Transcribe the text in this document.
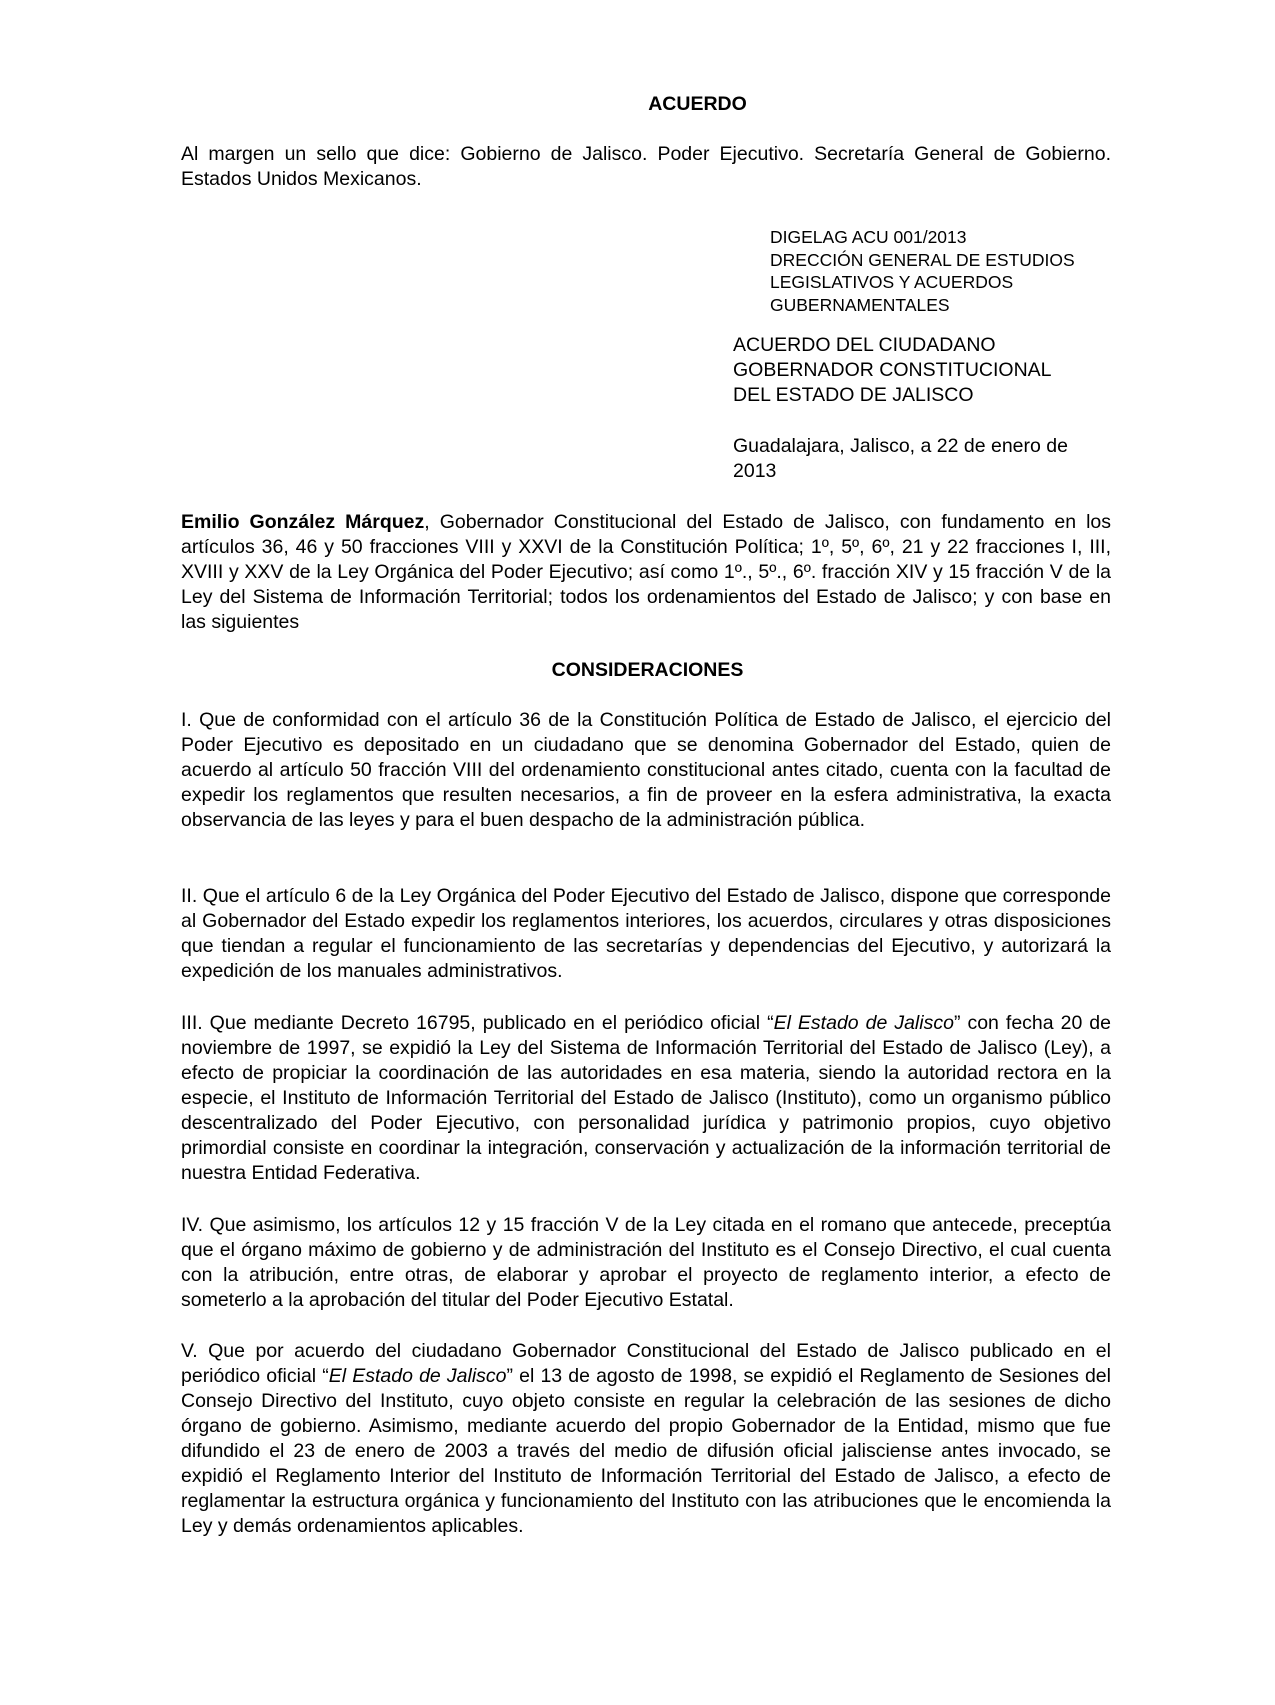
ACUERDO
Al margen un sello que dice: Gobierno de Jalisco. Poder Ejecutivo. Secretaría General de Gobierno. Estados Unidos Mexicanos.
DIGELAG ACU 001/2013
DRECCIÓN GENERAL DE ESTUDIOS
LEGISLATIVOS Y ACUERDOS
GUBERNAMENTALES
ACUERDO DEL CIUDADANO
GOBERNADOR CONSTITUCIONAL
DEL ESTADO DE JALISCO
Guadalajara, Jalisco, a 22 de enero de 2013
Emilio González Márquez, Gobernador Constitucional del Estado de Jalisco, con fundamento en los artículos 36, 46 y 50 fracciones VIII y XXVI de la Constitución Política; 1º, 5º, 6º, 21 y 22 fracciones I, III, XVIII y XXV de la Ley Orgánica del Poder Ejecutivo; así como 1º., 5º., 6º. fracción XIV y 15 fracción V de la Ley del Sistema de Información Territorial; todos los ordenamientos del Estado de Jalisco; y con base en las siguientes
CONSIDERACIONES
I. Que de conformidad con el artículo 36 de la Constitución Política de Estado de Jalisco, el ejercicio del Poder Ejecutivo es depositado en un ciudadano que se denomina Gobernador del Estado, quien de acuerdo al artículo 50 fracción VIII del ordenamiento constitucional antes citado, cuenta con la facultad de expedir los reglamentos que resulten necesarios, a fin de proveer en la esfera administrativa, la exacta observancia de las leyes y para el buen despacho de la administración pública.
II. Que el artículo 6 de la Ley Orgánica del Poder Ejecutivo del Estado de Jalisco, dispone que corresponde al Gobernador del Estado expedir los reglamentos interiores, los acuerdos, circulares y otras disposiciones que tiendan a regular el funcionamiento de las secretarías y dependencias del Ejecutivo, y autorizará la expedición de los manuales administrativos.
III. Que mediante Decreto 16795, publicado en el periódico oficial “El Estado de Jalisco” con fecha 20 de noviembre de 1997, se expidió la Ley del Sistema de Información Territorial del Estado de Jalisco (Ley), a efecto de propiciar la coordinación de las autoridades en esa materia, siendo la autoridad rectora en la especie, el Instituto de Información Territorial del Estado de Jalisco (Instituto), como un organismo público descentralizado del Poder Ejecutivo, con personalidad jurídica y patrimonio propios, cuyo objetivo primordial consiste en coordinar la integración, conservación y actualización de la información territorial de nuestra Entidad Federativa.
IV. Que asimismo, los artículos 12 y 15 fracción V de la Ley citada en el romano que antecede, preceptúa que el órgano máximo de gobierno y de administración del Instituto es el Consejo Directivo, el cual cuenta con la atribución, entre otras, de elaborar y aprobar el proyecto de reglamento interior, a efecto de someterlo a la aprobación del titular del Poder Ejecutivo Estatal.
V. Que por acuerdo del ciudadano Gobernador Constitucional del Estado de Jalisco publicado en el periódico oficial “El Estado de Jalisco” el 13 de agosto de 1998, se expidió el Reglamento de Sesiones del Consejo Directivo del Instituto, cuyo objeto consiste en regular la celebración de las sesiones de dicho órgano de gobierno. Asimismo, mediante acuerdo del propio Gobernador de la Entidad, mismo que fue difundido el 23 de enero de 2003 a través del medio de difusión oficial jalisciense antes invocado, se expidió el Reglamento Interior del Instituto de Información Territorial del Estado de Jalisco, a efecto de reglamentar la estructura orgánica y funcionamiento del Instituto con las atribuciones que le encomienda la Ley y demás ordenamientos aplicables.
